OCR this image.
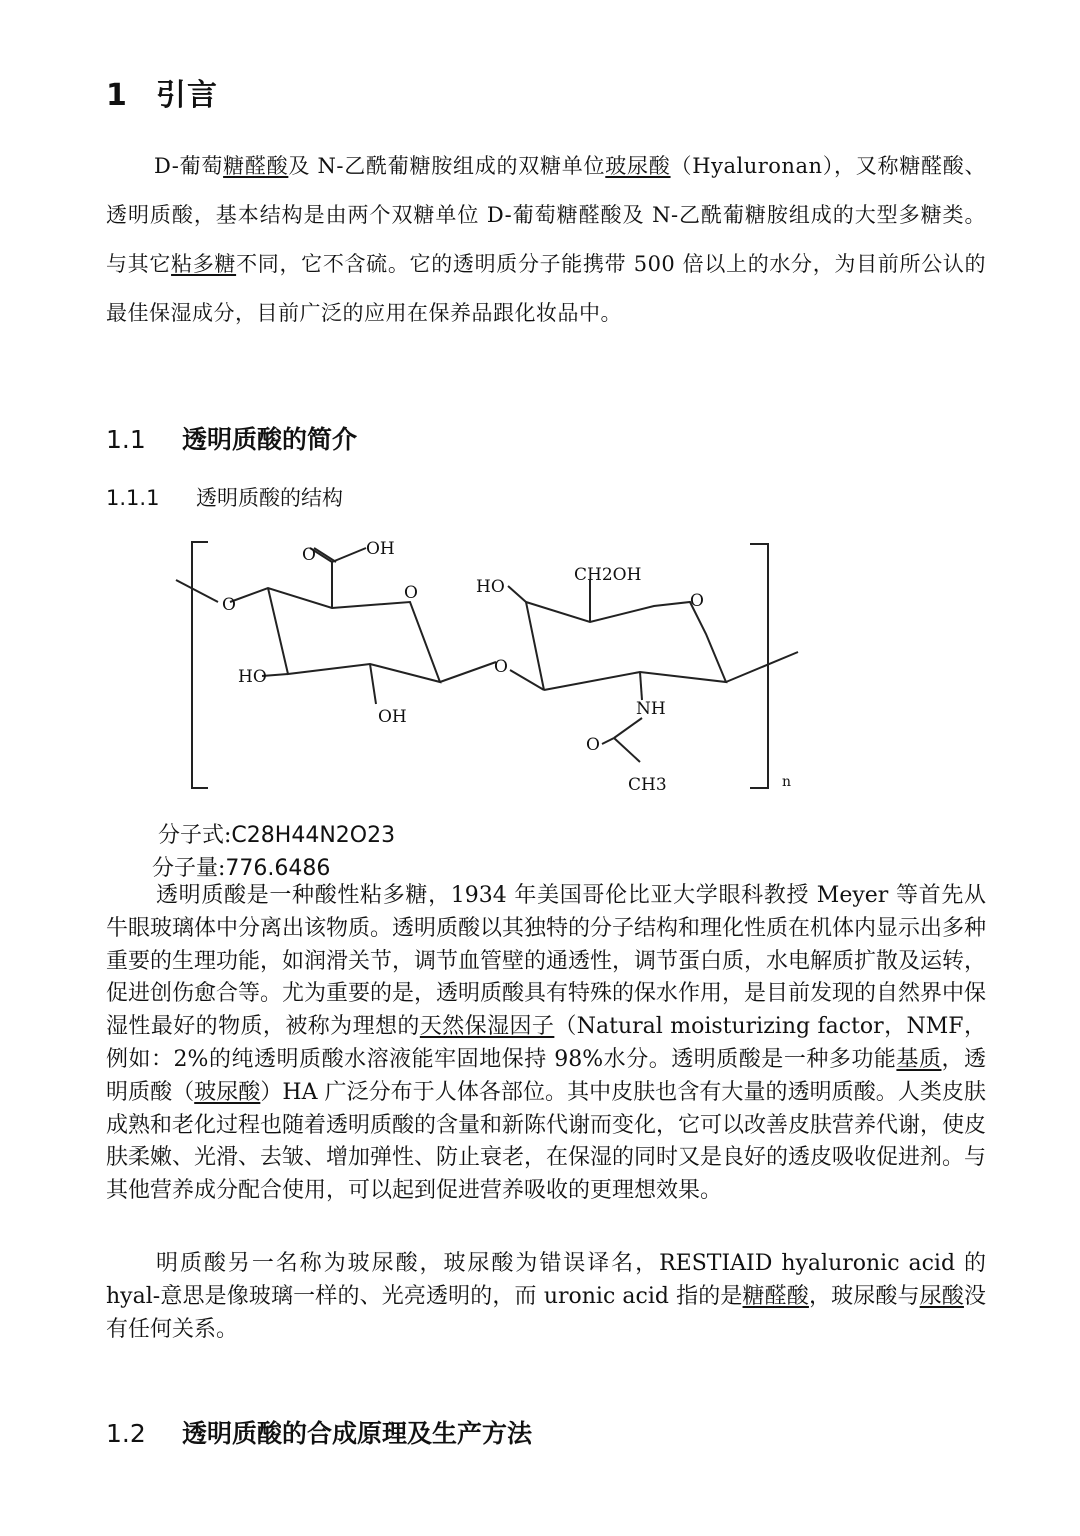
1 引言

D-葡萄糖醛酸及 N-乙酰葡糖胺组成的双糖单位玻尿酸（Hyaluronan），又称糖醛酸、透明质酸，基本结构是由两个双糖单位 D-葡萄糖醛酸及 N-乙酰葡糖胺组成的大型多糖类。与其它粘多糖不同，它不含硫。它的透明质分子能携带 500 倍以上的水分，为目前所公认的最佳保湿成分，目前广泛的应用在保养品跟化妆品中。

1.1 透明质酸的简介
1.1.1 透明质酸的结构
O	OH
O
O	HO
CH2OH
O
HO
OH
O
NH
O
CH3	n
分子式:C28H44N2O23
分子量:776.6486

透明质酸是一种酸性粘多糖，1934 年美国哥伦比亚大学眼科教授 Meyer 等首先从牛眼玻璃体中分离出该物质。透明质酸以其独特的分子结构和理化性质在机体内显示出多种重要的生理功能，如润滑关节，调节血管壁的通透性，调节蛋白质，水电解质扩散及运转，促进创伤愈合等。尤为重要的是，透明质酸具有特殊的保水作用，是目前发现的自然界中保湿性最好的物质，被称为理想的天然保湿因子（Natural moisturizing factor，NMF，例如：2%的纯透明质酸水溶液能牢固地保持 98%水分。透明质酸是一种多功能基质，透明质酸（玻尿酸）HA 广泛分布于人体各部位。其中皮肤也含有大量的透明质酸。人类皮肤成熟和老化过程也随着透明质酸的含量和新陈代谢而变化，它可以改善皮肤营养代谢，使皮肤柔嫩、光滑、去皱、增加弹性、防止衰老，在保湿的同时又是良好的透皮吸收促进剂。与其他营养成分配合使用，可以起到促进营养吸收的更理想效果。

明质酸另一名称为玻尿酸，玻尿酸为错误译名，RESTIAID hyaluronic acid 的 hyal-意思是像玻璃一样的、光亮透明的，而 uronic acid 指的是糖醛酸，玻尿酸与尿酸没有任何关系。

1.2 透明质酸的合成原理及生产方法
